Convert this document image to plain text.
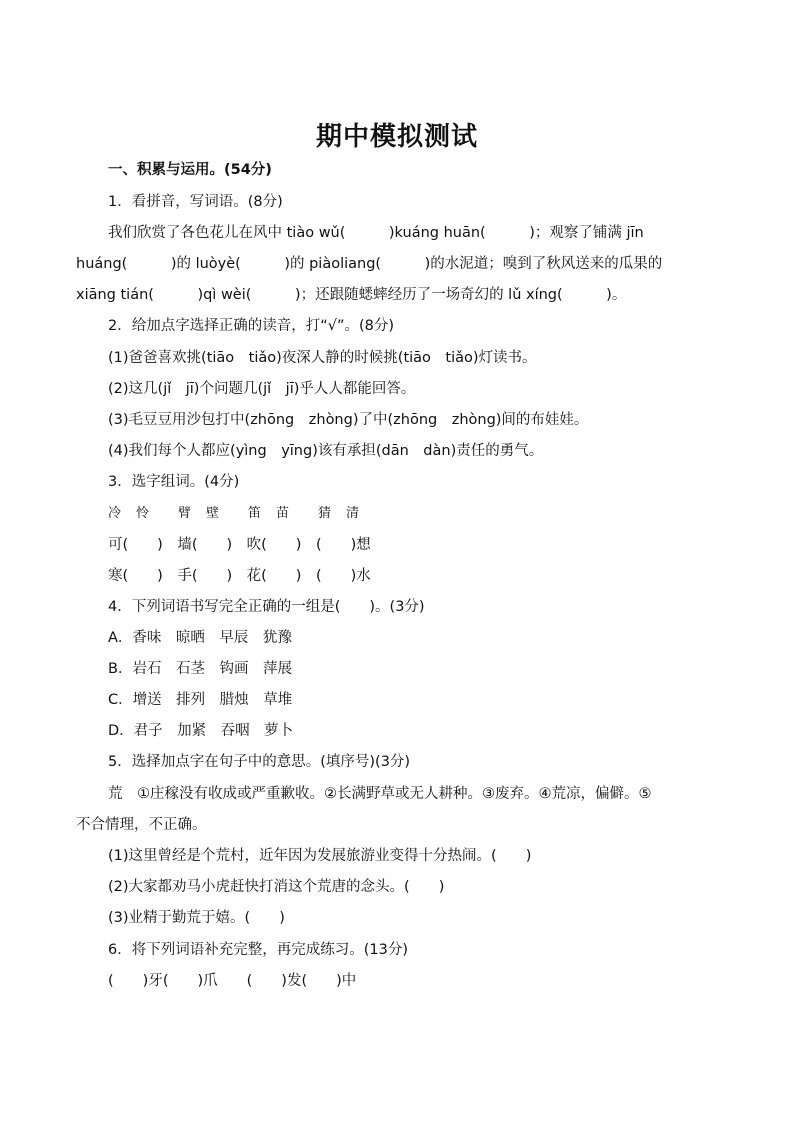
期中模拟测试
一、积累与运用。(54分)
1．看拼音，写词语。(8分)
我们欣赏了各色花儿在风中 tiào wǔ(　　　)kuáng huān(　　　)；观察了铺满 jīn
huáng(　　　)的 luòyè(　　　)的 piàoliang(　　　)的水泥道；嗅到了秋风送来的瓜果的
xiāng tián(　　　)qì wèi(　　　)；还跟随蟋蟀经历了一场奇幻的 lǔ xíng(　　　)。
2．给加点字选择正确的读音，打“√”。(8分)
(1)爸爸喜欢挑(tiāo　tiǎo)夜深人静的时候挑(tiāo　tiǎo)灯读书。
(2)这几(jǐ　jī)个问题几(jǐ　jī)乎人人都能回答。
(3)毛豆豆用沙包打中(zhōng　zhòng)了中(zhōng　zhòng)间的布娃娃。
(4)我们每个人都应(yìng　yīng)该有承担(dān　dàn)责任的勇气。
3．选字组词。(4分)
冷　怜　　臂　壁　　笛　苗　　猜　清
可(　　)　墙(　　)　吹(　　)　(　　)想
寒(　　)　手(　　)　花(　　)　(　　)水
4．下列词语书写完全正确的一组是(　　)。(3分)
A．香味　晾晒　早辰　犹豫
B．岩石　石茎　钩画　萍展
C．增送　排列　腊烛　草堆
D．君子　加紧　吞咽　萝卜
5．选择加点字在句子中的意思。(填序号)(3分)
荒　①庄稼没有收成或严重歉收。②长满野草或无人耕种。③废弃。④荒凉，偏僻。⑤
不合情理，不正确。
(1)这里曾经是个荒村，近年因为发展旅游业变得十分热闹。(　　)
(2)大家都劝马小虎赶快打消这个荒唐的念头。(　　)
(3)业精于勤荒于嬉。(　　)
6．将下列词语补充完整，再完成练习。(13分)
(　　)牙(　　)爪　　(　　)发(　　)中
